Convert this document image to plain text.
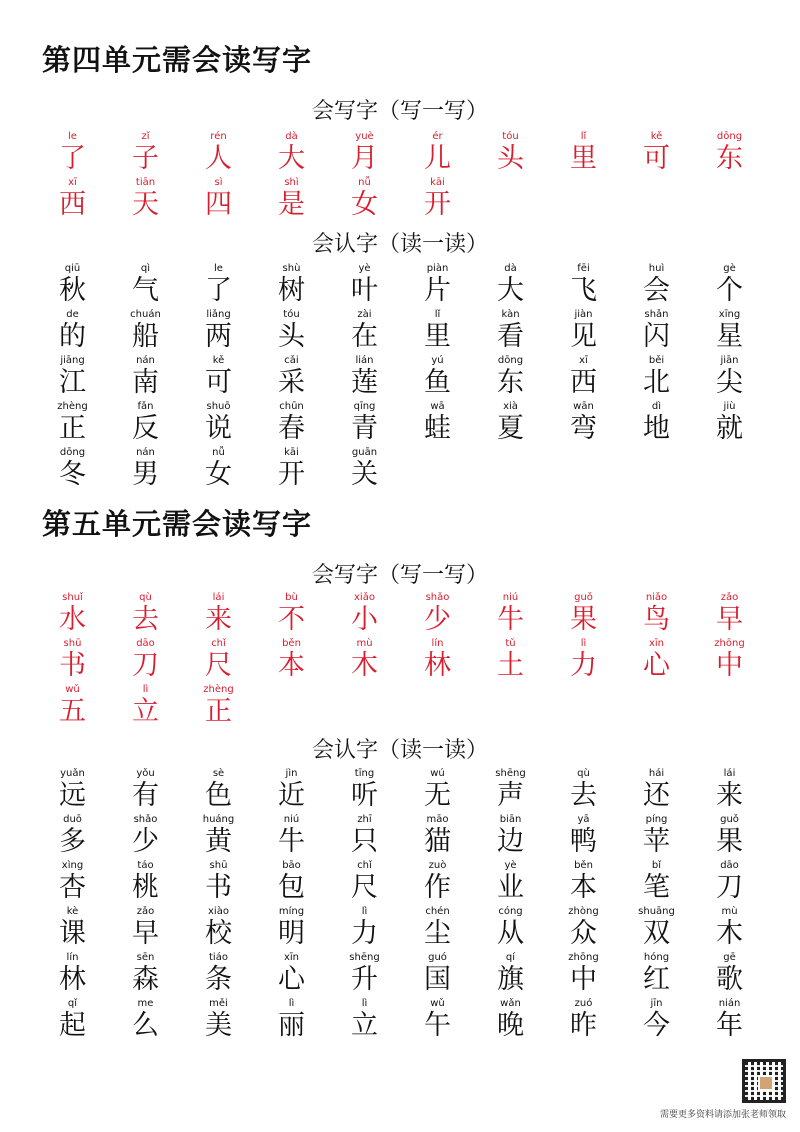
第四单元需会读写字
会写字（写一写）
le
了
zǐ
子
rén
人
dà
大
yuè
月
ér
儿
tóu
头
lǐ
里
kě
可
dōng
东
xī
西
tiān
天
sì
四
shì
是
nǚ
女
kāi
开
会认字（读一读）
qiū
秋
qì
气
le
了
shù
树
yè
叶
piàn
片
dà
大
fēi
飞
huì
会
gè
个
de
的
chuán
船
liǎng
两
tóu
头
zài
在
lǐ
里
kàn
看
jiàn
见
shǎn
闪
xīng
星
jiāng
江
nán
南
kě
可
cǎi
采
lián
莲
yú
鱼
dōng
东
xī
西
běi
北
jiān
尖
zhèng
正
fǎn
反
shuō
说
chūn
春
qīng
青
wā
蛙
xià
夏
wān
弯
dì
地
jiù
就
dōng
冬
nán
男
nǚ
女
kāi
开
guān
关
第五单元需会读写字
会写字（写一写）
shuǐ
水
qù
去
lái
来
bù
不
xiǎo
小
shǎo
少
niú
牛
guǒ
果
niǎo
鸟
zǎo
早
shū
书
dāo
刀
chǐ
尺
běn
本
mù
木
lín
林
tǔ
土
lì
力
xīn
心
zhōng
中
wǔ
五
lì
立
zhèng
正
会认字（读一读）
yuǎn
远
yǒu
有
sè
色
jìn
近
tīng
听
wú
无
shēng
声
qù
去
hái
还
lái
来
duō
多
shǎo
少
huáng
黄
niú
牛
zhī
只
māo
猫
biān
边
yā
鸭
píng
苹
guǒ
果
xìng
杏
táo
桃
shū
书
bāo
包
chǐ
尺
zuò
作
yè
业
běn
本
bǐ
笔
dāo
刀
kè
课
zǎo
早
xiào
校
míng
明
lì
力
chén
尘
cóng
从
zhòng
众
shuāng
双
mù
木
lín
林
sēn
森
tiáo
条
xīn
心
shēng
升
guó
国
qí
旗
zhōng
中
hóng
红
gē
歌
qǐ
起
me
么
měi
美
lì
丽
lì
立
wǔ
午
wǎn
晚
zuó
昨
jīn
今
nián
年

需要更多资料请添加张老师领取
